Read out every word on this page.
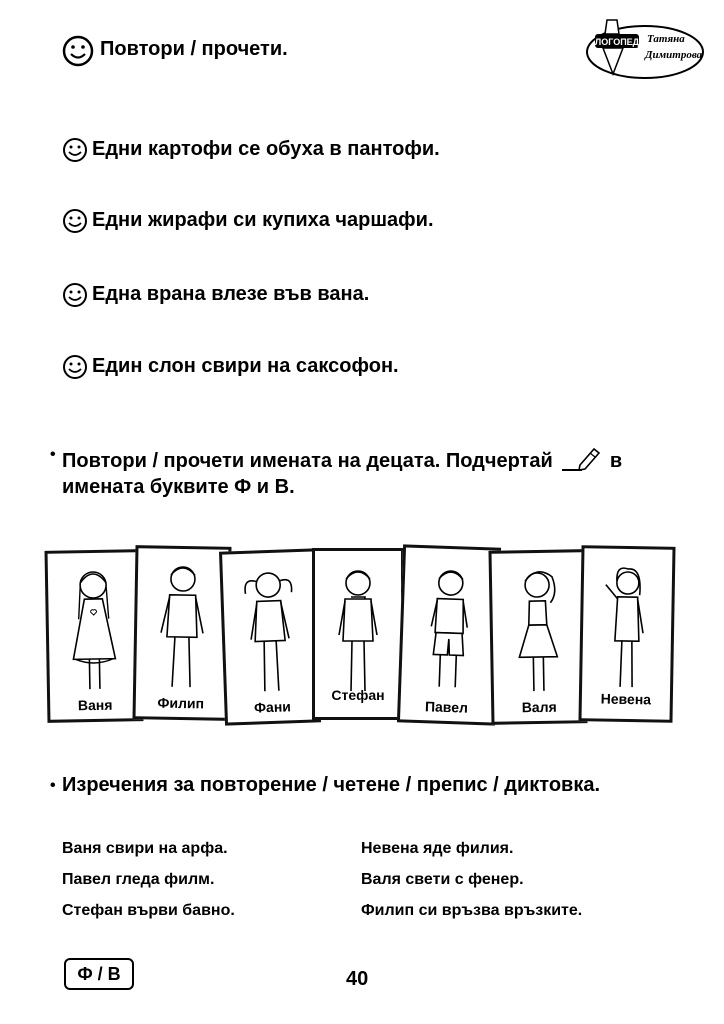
Повтори / прочети.	ЛОГОПЕД Татяна
Димитрова
Едни картофи се обуха в пантофи.
Едни жирафи си купиха чаршафи.
Една врана влезе във вана.
Един слон свири на саксофон.
• Повтори / прочети имената на децата. Подчертай	в
имената буквите Ф и В.
Ваня	Филип	Фани
Стефан
Павел	Валя	Невена
• Изречения за повторение / четене / препис / диктовка.
Ваня свири на арфа.
Павел гледа филм.
Стефан върви бавно.
Невена яде филия.
Валя свети с фенер.
Филип си връзва връзките.
Ф / В	40
